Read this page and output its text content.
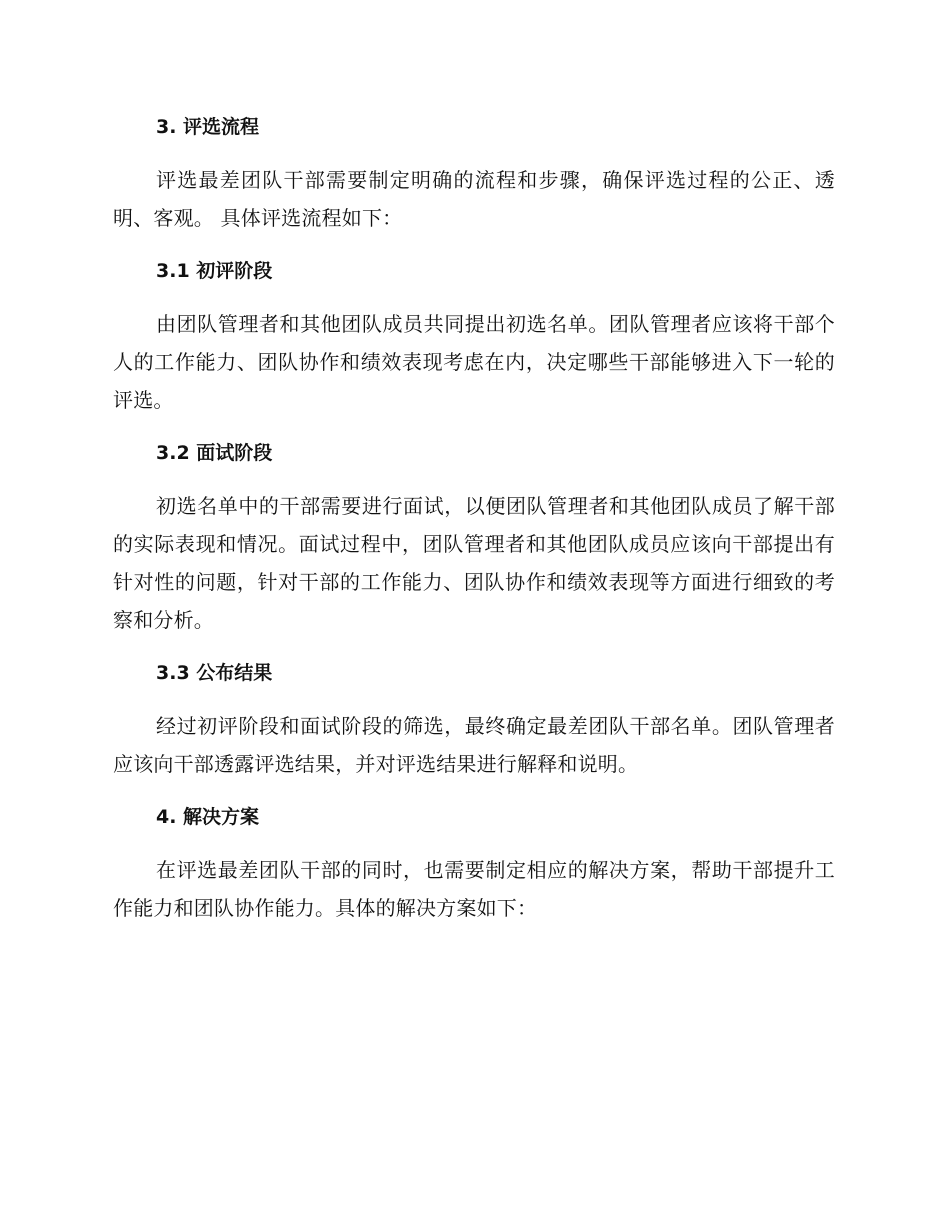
3. 评选流程

评选最差团队干部需要制定明确的流程和步骤，确保评选过程的公正、透明、客观。 具体评选流程如下：

3.1 初评阶段

由团队管理者和其他团队成员共同提出初选名单。团队管理者应该将干部个人的工作能力、团队协作和绩效表现考虑在内，决定哪些干部能够进入下一轮的评选。

3.2 面试阶段

初选名单中的干部需要进行面试，以便团队管理者和其他团队成员了解干部的实际表现和情况。面试过程中，团队管理者和其他团队成员应该向干部提出有针对性的问题，针对干部的工作能力、团队协作和绩效表现等方面进行细致的考察和分析。

3.3 公布结果

经过初评阶段和面试阶段的筛选，最终确定最差团队干部名单。团队管理者应该向干部透露评选结果，并对评选结果进行解释和说明。

4. 解决方案

在评选最差团队干部的同时，也需要制定相应的解决方案，帮助干部提升工作能力和团队协作能力。具体的解决方案如下：
